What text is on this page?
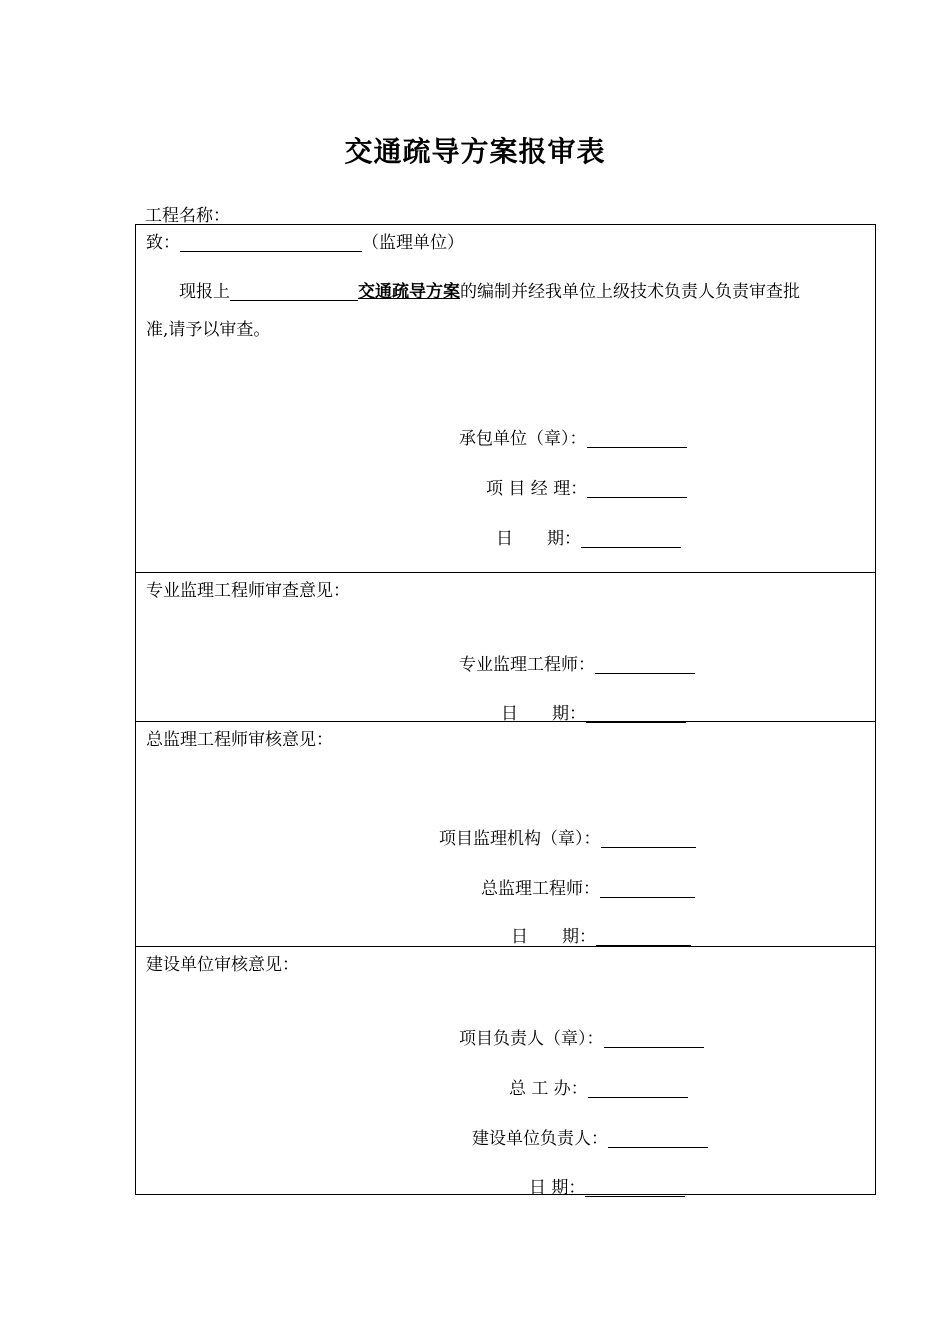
交通疏导方案报审表
工程名称：
致：	（监理单位）
现报上	交通疏导方案的编制并经我单位上级技术负责人负责审查批
准,请予以审查。
承包单位（章）：
项 目 经 理：
日　　期：
专业监理工程师审查意见：
专业监理工程师：
日　　期：
总监理工程师审核意见：
项目监理机构（章）：
总监理工程师：
日　　期：
建设单位审核意见：
项目负责人（章）：
总 工 办：
建设单位负责人：
日 期：
